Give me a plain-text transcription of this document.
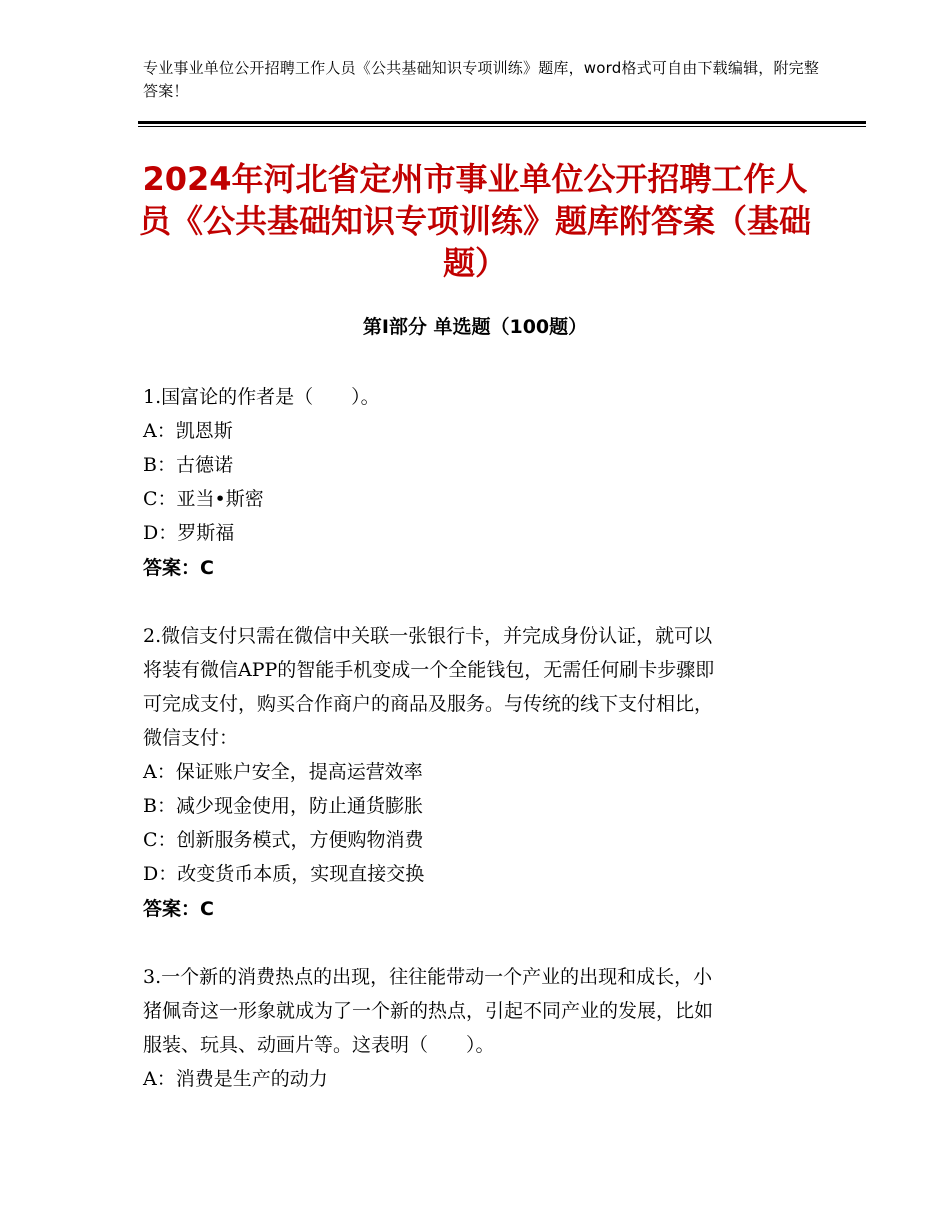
专业事业单位公开招聘工作人员《公共基础知识专项训练》题库，word格式可自由下载编辑，附完整答案！
2024年河北省定州市事业单位公开招聘工作人员《公共基础知识专项训练》题库附答案（基础题）
第Ⅰ部分 单选题（100题）
1.国富论的作者是（　　）。
A：凯恩斯
B：古德诺
C：亚当•斯密
D：罗斯福
答案：C
2.微信支付只需在微信中关联一张银行卡，并完成身份认证，就可以
将装有微信APP的智能手机变成一个全能钱包，无需任何刷卡步骤即
可完成支付，购买合作商户的商品及服务。与传统的线下支付相比，
微信支付：
A：保证账户安全，提高运营效率
B：减少现金使用，防止通货膨胀
C：创新服务模式，方便购物消费
D：改变货币本质，实现直接交换
答案：C
3.一个新的消费热点的出现，往往能带动一个产业的出现和成长，小
猪佩奇这一形象就成为了一个新的热点，引起不同产业的发展，比如
服装、玩具、动画片等。这表明（　　）。
A：消费是生产的动力
